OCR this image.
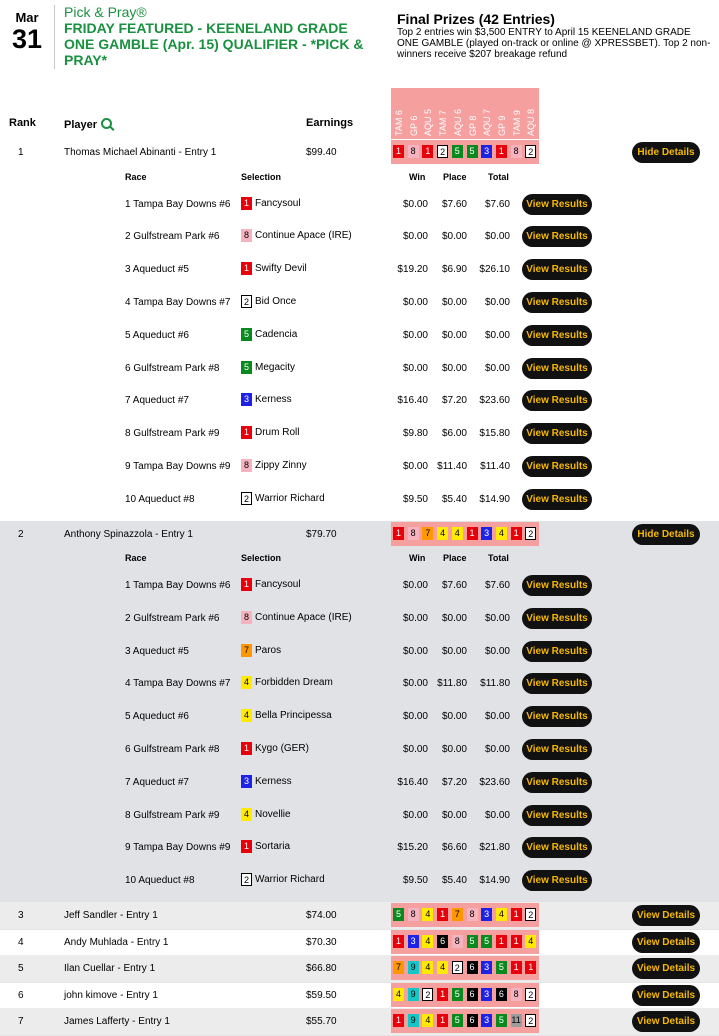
Mar
31
Pick & Pray®
FRIDAY FEATURED - KEENELAND GRADE ONE GAMBLE (Apr. 15) QUALIFIER - *PICK & PRAY*
Final Prizes (42 Entries)
Top 2 entries win $3,500 ENTRY to April 15 KEENELAND GRADE ONE GAMBLE (played on-track or online @ XPRESSBET). Top 2 non-winners receive $207 breakage refund
Rank	Player	Earnings	TAM 6 GP 6 AQU 5 TAM 7 AQU 6 GP 8 AQU 7 GP 9 TAM 9 AQU 8
1	Thomas Michael Abinanti - Entry 1	$99.40	1	8	1	2	5	5	3	1	8	2	Hide Details
Race	Selection	Win Place Total
1 Tampa Bay Downs #6	1 Fancysoul	$0.00	$7.60	$7.60	View Results
2 Gulfstream Park #6	8 Continue Apace (IRE)	$0.00	$0.00	$0.00	View Results
3 Aqueduct #5	1 Swifty Devil	$19.20	$6.90	$26.10	View Results
4 Tampa Bay Downs #7	2 Bid Once	$0.00	$0.00	$0.00	View Results
5 Aqueduct #6	5 Cadencia	$0.00	$0.00	$0.00	View Results
6 Gulfstream Park #8	5 Megacity	$0.00	$0.00	$0.00	View Results
7 Aqueduct #7	3 Kerness	$16.40	$7.20	$23.60	View Results
8 Gulfstream Park #9	1 Drum Roll	$9.80	$6.00	$15.80	View Results
9 Tampa Bay Downs #9	8 Zippy Zinny	$0.00 $11.40	$11.40	View Results
10 Aqueduct #8	2 Warrior Richard	$9.50	$5.40	$14.90	View Results
2	Anthony Spinazzola - Entry 1	$79.70	1	8	7	4	4	1	3	4	1	2	Hide Details
Race	Selection	Win Place Total
1 Tampa Bay Downs #6	1 Fancysoul	$0.00	$7.60	$7.60	View Results
2 Gulfstream Park #6	8 Continue Apace (IRE)	$0.00	$0.00	$0.00	View Results
3 Aqueduct #5	7 Paros	$0.00	$0.00	$0.00	View Results
4 Tampa Bay Downs #7	4 Forbidden Dream	$0.00 $11.80	$11.80	View Results
5 Aqueduct #6	4 Bella Principessa	$0.00	$0.00	$0.00	View Results
6 Gulfstream Park #8	1 Kygo (GER)	$0.00	$0.00	$0.00	View Results
7 Aqueduct #7	3 Kerness	$16.40	$7.20	$23.60	View Results
8 Gulfstream Park #9	4 Novellie	$0.00	$0.00	$0.00	View Results
9 Tampa Bay Downs #9	1 Sortaria	$15.20	$6.60	$21.80	View Results
10 Aqueduct #8	2 Warrior Richard	$9.50	$5.40	$14.90	View Results
3	Jeff Sandler - Entry 1	$74.00	5	8	4	1	7	8	3	4	1	2	View Details
4	Andy Muhlada - Entry 1	$70.30	1	3	4	6	8	5	5	1	1	4	View Details
5	Ilan Cuellar - Entry 1	$66.80	7	9	4	4	2	6	3	5	1	1	View Details
6	john kimove - Entry 1	$59.50	4	9	2	1	5	6	3	6	8	2	View Details
7	James Lafferty - Entry 1	$55.70	1	9	4	1	5	6	3	5 11 2	View Details
